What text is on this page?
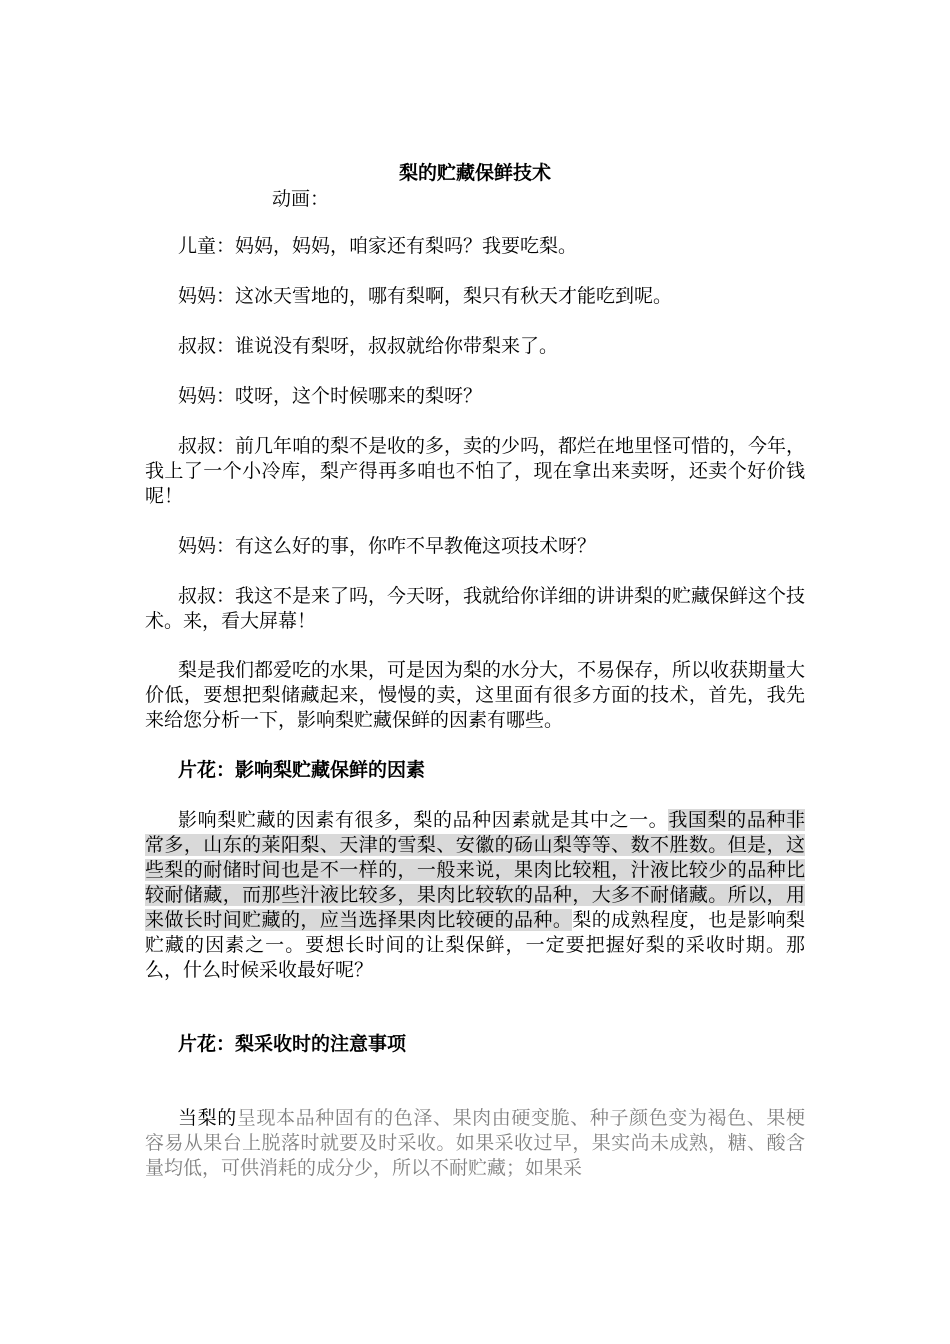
梨的贮藏保鲜技术
动画：

儿童：妈妈，妈妈，咱家还有梨吗？我要吃梨。

妈妈：这冰天雪地的，哪有梨啊，梨只有秋天才能吃到呢。

叔叔：谁说没有梨呀，叔叔就给你带梨来了。

妈妈：哎呀，这个时候哪来的梨呀？

叔叔：前几年咱的梨不是收的多，卖的少吗，都烂在地里怪可惜的，今年，我上了一个小冷库，梨产得再多咱也不怕了，现在拿出来卖呀，还卖个好价钱呢！

妈妈：有这么好的事，你咋不早教俺这项技术呀？

叔叔：我这不是来了吗，今天呀，我就给你详细的讲讲梨的贮藏保鲜这个技术。来，看大屏幕！

梨是我们都爱吃的水果，可是因为梨的水分大，不易保存，所以收获期量大价低，要想把梨储藏起来，慢慢的卖，这里面有很多方面的技术，首先，我先来给您分析一下，影响梨贮藏保鲜的因素有哪些。

片花：影响梨贮藏保鲜的因素

影响梨贮藏的因素有很多，梨的品种因素就是其中之一。我国梨的品种非常多，山东的莱阳梨、天津的雪梨、安徽的砀山梨等等、数不胜数。但是，这些梨的耐储时间也是不一样的，一般来说，果肉比较粗，汁液比较少的品种比较耐储藏，而那些汁液比较多，果肉比较软的品种，大多不耐储藏。所以，用来做长时间贮藏的，应当选择果肉比较硬的品种。梨的成熟程度，也是影响梨贮藏的因素之一。要想长时间的让梨保鲜，一定要把握好梨的采收时期。那么，什么时候采收最好呢？

片花：梨采收时的注意事项

当梨的呈现本品种固有的色泽、果肉由硬变脆、种子颜色变为褐色、果梗容易从果台上脱落时就要及时采收。如果采收过早，果实尚未成熟，糖、酸含量均低，可供消耗的成分少，所以不耐贮藏；如果采
